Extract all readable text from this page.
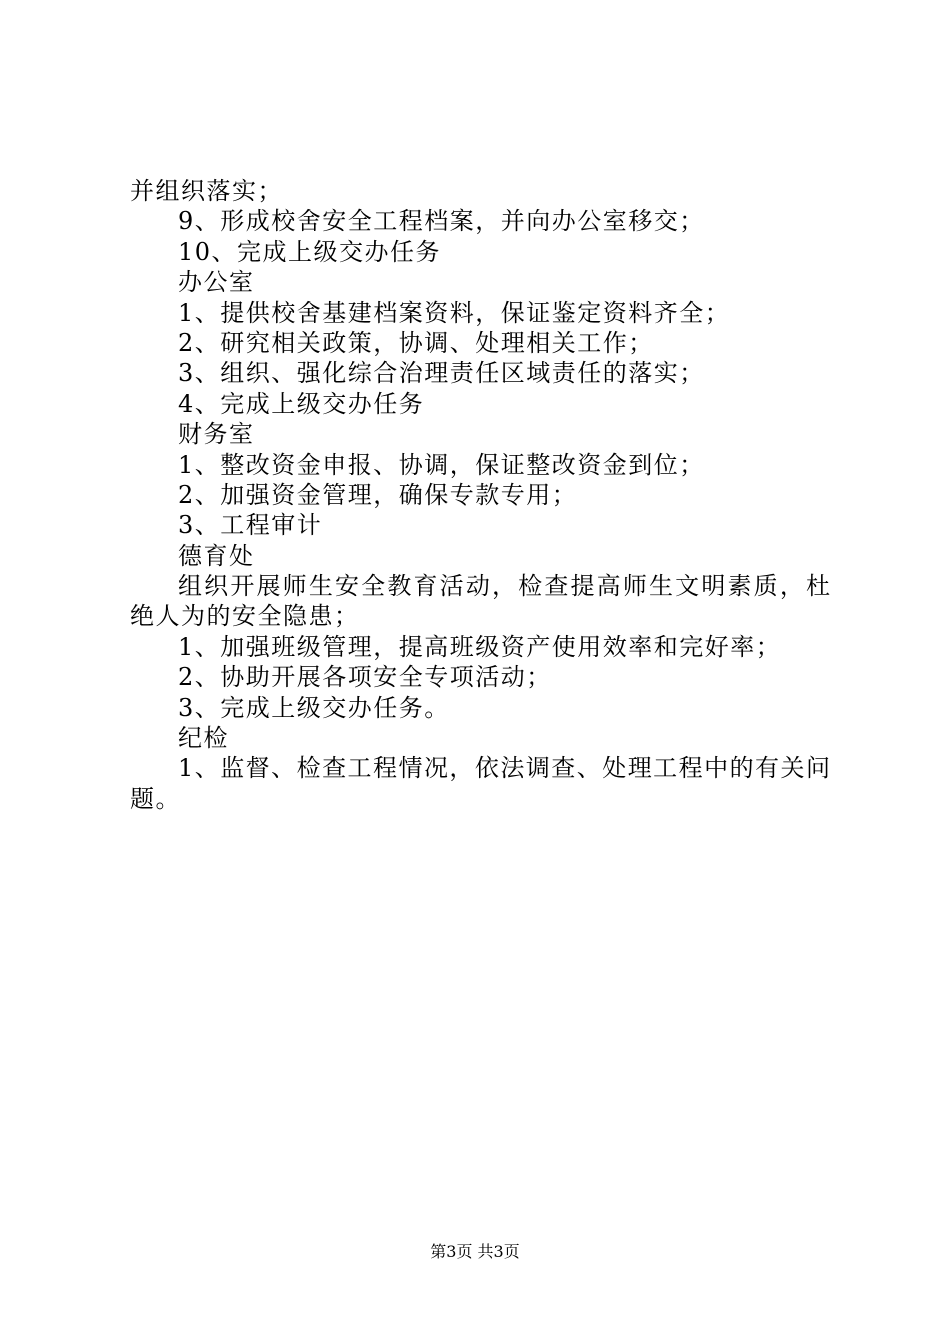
并组织落实；
9、形成校舍安全工程档案，并向办公室移交；
10、完成上级交办任务
办公室
1、提供校舍基建档案资料，保证鉴定资料齐全；
2、研究相关政策，协调、处理相关工作；
3、组织、强化综合治理责任区域责任的落实；
4、完成上级交办任务
财务室
1、整改资金申报、协调，保证整改资金到位；
2、加强资金管理，确保专款专用；
3、工程审计
德育处
组织开展师生安全教育活动，检查提高师生文明素质，杜
绝人为的安全隐患；
1、加强班级管理，提高班级资产使用效率和完好率；
2、协助开展各项安全专项活动；
3、完成上级交办任务。
纪检
1、监督、检查工程情况，依法调查、处理工程中的有关问
题。
第3页 共3页
